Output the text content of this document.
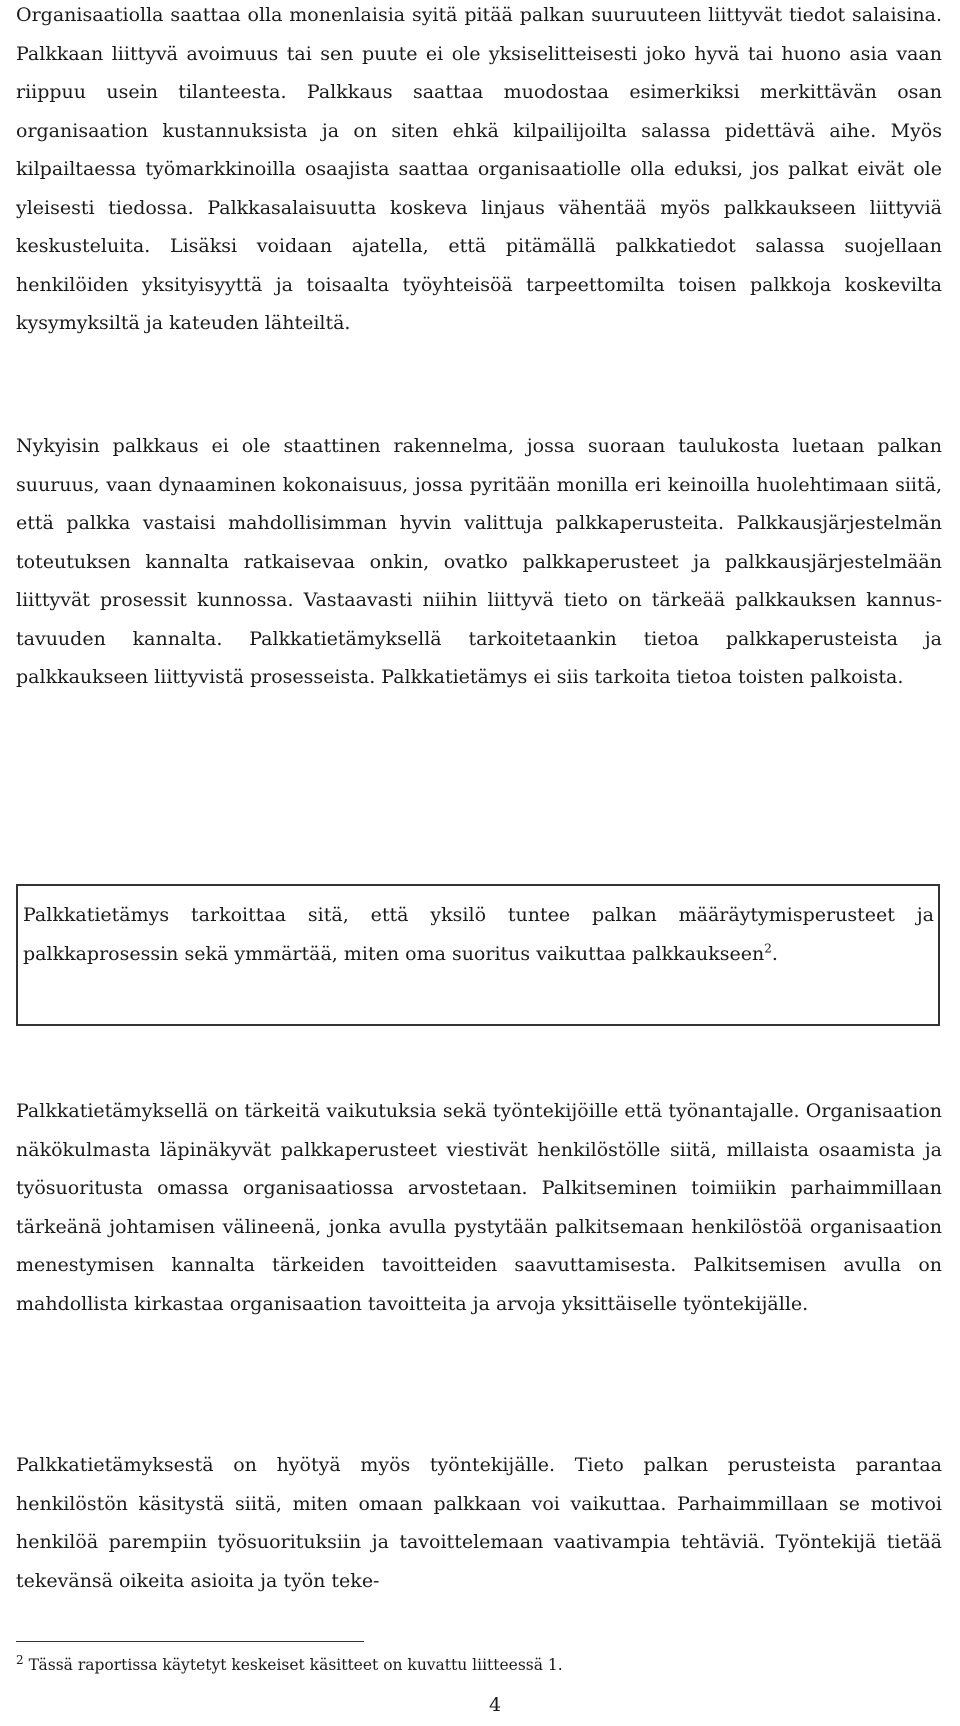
Organisaatiolla saattaa olla monenlaisia syitä pitää palkan suuruuteen liittyvät tiedot salaisina. Palkkaan liittyvä avoimuus tai sen puute ei ole yksiselitteisesti joko hyvä tai huono asia vaan riippuu usein tilanteesta. Palkkaus saattaa muodostaa esimerkiksi merkittävän osan organisaation kustannuksista ja on siten ehkä kilpailijoilta salassa pidettävä aihe. Myös kilpailtaessa työmarkkinoilla osaajista saattaa organisaatiolle olla eduksi, jos palkat eivät ole yleisesti tiedossa. Palkkasalaisuutta koskeva linjaus vähentää myös palkkaukseen liittyviä keskusteluita. Lisäksi voidaan ajatella, että pitämällä palkkatiedot salassa suojellaan henkilöiden yksityisyyttä ja toisaalta työyhteisöä tarpeettomilta toisen palkkoja koskevilta kysymyksiltä ja kateuden lähteiltä.

Nykyisin palkkaus ei ole staattinen rakennelma, jossa suoraan taulukosta luetaan palkan suuruus, vaan dynaaminen kokonaisuus, jossa pyritään monilla eri keinoilla huolehtimaan siitä, että palkka vastaisi mahdollisimman hyvin valittuja palkkaperusteita. Palkkausjärjestelmän toteutuksen kannalta ratkaisevaa onkin, ovatko palkkaperusteet ja palkkausjärjestelmään liittyvät prosessit kunnossa. Vastaavasti niihin liittyvä tieto on tärkeää palkkauksen kannustavuuden kannalta. Palkkatietämyksellä tarkoitetaankin tietoa palkkaperusteista ja palkkaukseen liittyvistä prosesseista. Palkkatietämys ei siis tarkoita tietoa toisten palkoista.

Palkkatietämys tarkoittaa sitä, että yksilö tuntee palkan määräytymisperusteet ja palkkaprosessin sekä ymmärtää, miten oma suoritus vaikuttaa palkkaukseen$^2$.

Palkkatietämyksellä on tärkeitä vaikutuksia sekä työntekijöille että työnantajalle. Organisaation näkökulmasta läpinäkyvät palkkaperusteet viestivät henkilöstölle siitä, millaista osaamista ja työsuoritusta omassa organisaatiossa arvostetaan. Palkitseminen toimiikin parhaimmillaan tärkeänä johtamisen välineenä, jonka avulla pystytään palkitsemaan henkilöstöä organisaation menestymisen kannalta tärkeiden tavoitteiden saavuttamisesta. Palkitsemisen avulla on mahdollista kirkastaa organisaation tavoitteita ja arvoja yksittäiselle työntekijälle.

Palkkatietämyksestä on hyötyä myös työntekijälle. Tieto palkan perusteista parantaa henkilöstön käsitystä siitä, miten omaan palkkaan voi vaikuttaa. Parhaimmillaan se motivoi henkilöä parempiin työsuorituksiin ja tavoittelemaan vaativampia tehtäviä. Työntekijä tietää tekevänsä oikeita asioita ja työn teke-

$^2$ Tässä raportissa käytetyt keskeiset käsitteet on kuvattu liitteessä 1.
4
